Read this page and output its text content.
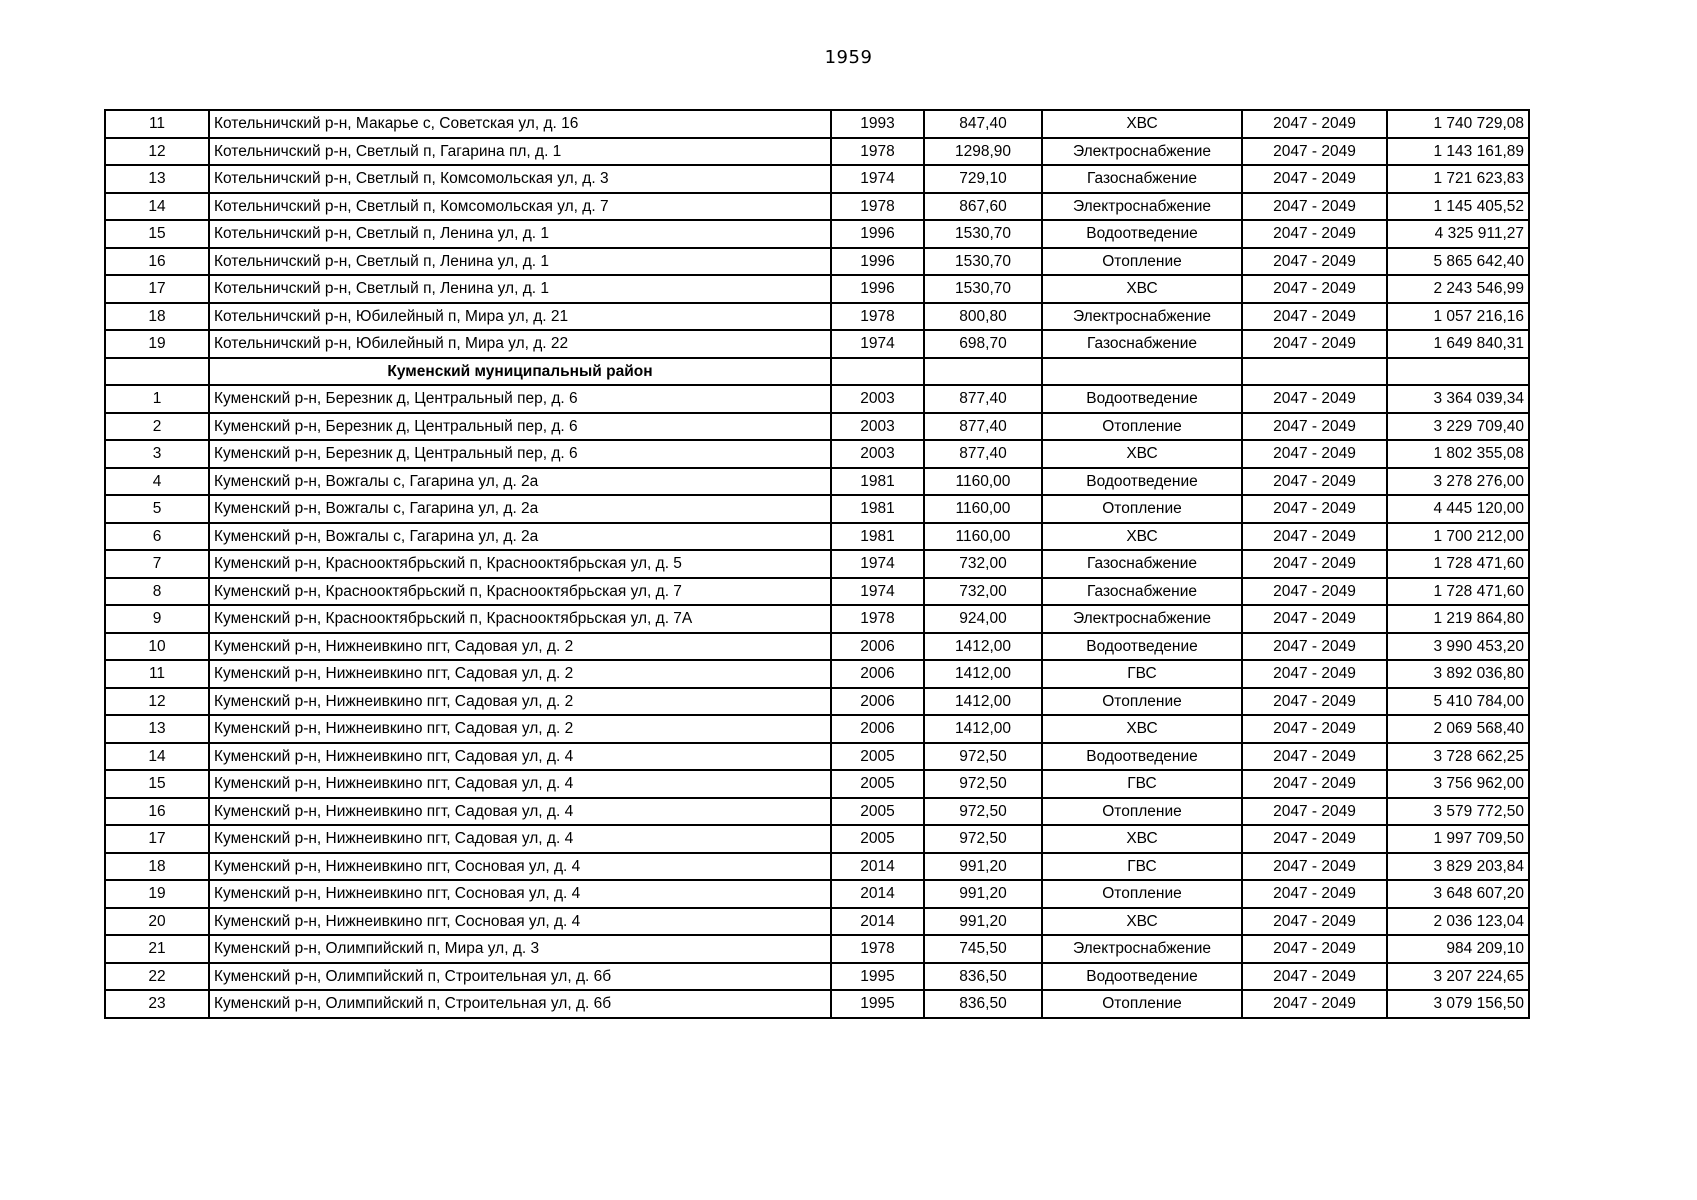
1959
11	Котельничский р-н, Макарье с, Советская ул, д. 16	1993	847,40	ХВС	2047 - 2049	1 740 729,08
12	Котельничский р-н, Светлый п, Гагарина пл, д. 1	1978	1298,90	Электроснабжение	2047 - 2049	1 143 161,89
13	Котельничский р-н, Светлый п, Комсомольская ул, д. 3	1974	729,10	Газоснабжение	2047 - 2049	1 721 623,83
14	Котельничский р-н, Светлый п, Комсомольская ул, д. 7	1978	867,60	Электроснабжение	2047 - 2049	1 145 405,52
15	Котельничский р-н, Светлый п, Ленина ул, д. 1	1996	1530,70	Водоотведение	2047 - 2049	4 325 911,27
16	Котельничский р-н, Светлый п, Ленина ул, д. 1	1996	1530,70	Отопление	2047 - 2049	5 865 642,40
17	Котельничский р-н, Светлый п, Ленина ул, д. 1	1996	1530,70	ХВС	2047 - 2049	2 243 546,99
18	Котельничский р-н, Юбилейный п, Мира ул, д. 21	1978	800,80	Электроснабжение	2047 - 2049	1 057 216,16
19	Котельничский р-н, Юбилейный п, Мира ул, д. 22	1974	698,70	Газоснабжение	2047 - 2049	1 649 840,31
	Куменский муниципальный район					
1	Куменский р-н, Березник д, Центральный пер, д. 6	2003	877,40	Водоотведение	2047 - 2049	3 364 039,34
2	Куменский р-н, Березник д, Центральный пер, д. 6	2003	877,40	Отопление	2047 - 2049	3 229 709,40
3	Куменский р-н, Березник д, Центральный пер, д. 6	2003	877,40	ХВС	2047 - 2049	1 802 355,08
4	Куменский р-н, Вожгалы с, Гагарина ул, д. 2а	1981	1160,00	Водоотведение	2047 - 2049	3 278 276,00
5	Куменский р-н, Вожгалы с, Гагарина ул, д. 2а	1981	1160,00	Отопление	2047 - 2049	4 445 120,00
6	Куменский р-н, Вожгалы с, Гагарина ул, д. 2а	1981	1160,00	ХВС	2047 - 2049	1 700 212,00
7	Куменский р-н, Краснооктябрьский п, Краснооктябрьская ул, д. 5	1974	732,00	Газоснабжение	2047 - 2049	1 728 471,60
8	Куменский р-н, Краснооктябрьский п, Краснооктябрьская ул, д. 7	1974	732,00	Газоснабжение	2047 - 2049	1 728 471,60
9	Куменский р-н, Краснооктябрьский п, Краснооктябрьская ул, д. 7А	1978	924,00	Электроснабжение	2047 - 2049	1 219 864,80
10	Куменский р-н, Нижнеивкино пгт, Садовая ул, д. 2	2006	1412,00	Водоотведение	2047 - 2049	3 990 453,20
11	Куменский р-н, Нижнеивкино пгт, Садовая ул, д. 2	2006	1412,00	ГВС	2047 - 2049	3 892 036,80
12	Куменский р-н, Нижнеивкино пгт, Садовая ул, д. 2	2006	1412,00	Отопление	2047 - 2049	5 410 784,00
13	Куменский р-н, Нижнеивкино пгт, Садовая ул, д. 2	2006	1412,00	ХВС	2047 - 2049	2 069 568,40
14	Куменский р-н, Нижнеивкино пгт, Садовая ул, д. 4	2005	972,50	Водоотведение	2047 - 2049	3 728 662,25
15	Куменский р-н, Нижнеивкино пгт, Садовая ул, д. 4	2005	972,50	ГВС	2047 - 2049	3 756 962,00
16	Куменский р-н, Нижнеивкино пгт, Садовая ул, д. 4	2005	972,50	Отопление	2047 - 2049	3 579 772,50
17	Куменский р-н, Нижнеивкино пгт, Садовая ул, д. 4	2005	972,50	ХВС	2047 - 2049	1 997 709,50
18	Куменский р-н, Нижнеивкино пгт, Сосновая ул, д. 4	2014	991,20	ГВС	2047 - 2049	3 829 203,84
19	Куменский р-н, Нижнеивкино пгт, Сосновая ул, д. 4	2014	991,20	Отопление	2047 - 2049	3 648 607,20
20	Куменский р-н, Нижнеивкино пгт, Сосновая ул, д. 4	2014	991,20	ХВС	2047 - 2049	2 036 123,04
21	Куменский р-н, Олимпийский п, Мира ул, д. 3	1978	745,50	Электроснабжение	2047 - 2049	984 209,10
22	Куменский р-н, Олимпийский п, Строительная ул, д. 6б	1995	836,50	Водоотведение	2047 - 2049	3 207 224,65
23	Куменский р-н, Олимпийский п, Строительная ул, д. 6б	1995	836,50	Отопление	2047 - 2049	3 079 156,50
